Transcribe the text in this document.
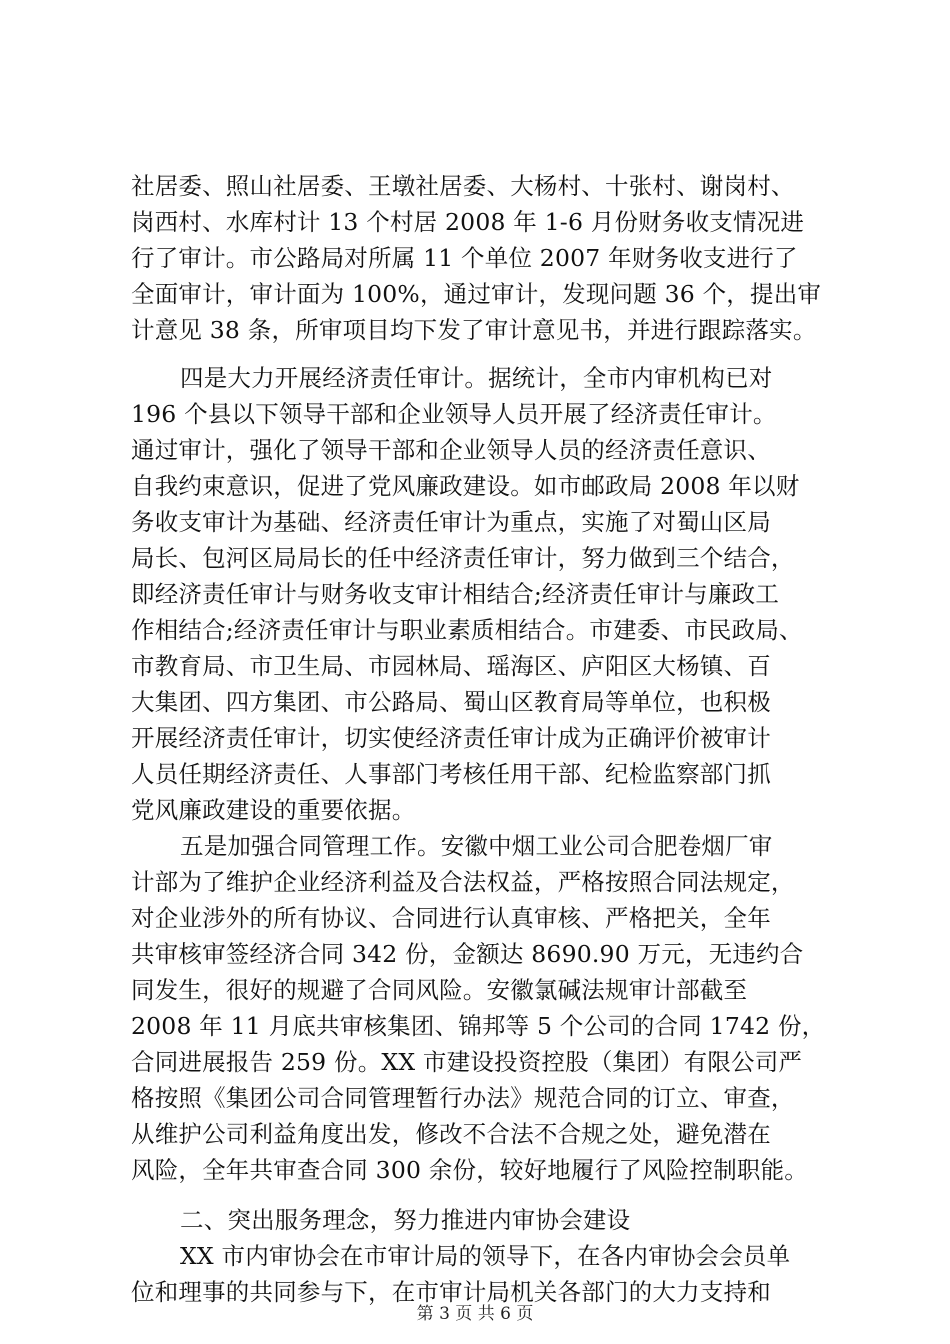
社居委、照山社居委、王墩社居委、大杨村、十张村、谢岗村、
岗西村、水库村计 13 个村居 2008 年 1-6 月份财务收支情况进
行了审计。市公路局对所属 11 个单位 2007 年财务收支进行了
全面审计，审计面为 100%，通过审计，发现问题 36 个，提出审
计意见 38 条，所审项目均下发了审计意见书，并进行跟踪落实。
四是大力开展经济责任审计。据统计，全市内审机构已对
196 个县以下领导干部和企业领导人员开展了经济责任审计。
通过审计，强化了领导干部和企业领导人员的经济责任意识、
自我约束意识，促进了党风廉政建设。如市邮政局 2008 年以财
务收支审计为基础、经济责任审计为重点，实施了对蜀山区局
局长、包河区局局长的任中经济责任审计，努力做到三个结合，
即经济责任审计与财务收支审计相结合;经济责任审计与廉政工
作相结合;经济责任审计与职业素质相结合。市建委、市民政局、
市教育局、市卫生局、市园林局、瑶海区、庐阳区大杨镇、百
大集团、四方集团、市公路局、蜀山区教育局等单位，也积极
开展经济责任审计，切实使经济责任审计成为正确评价被审计
人员任期经济责任、人事部门考核任用干部、纪检监察部门抓
党风廉政建设的重要依据。
五是加强合同管理工作。安徽中烟工业公司合肥卷烟厂审
计部为了维护企业经济利益及合法权益，严格按照合同法规定，
对企业涉外的所有协议、合同进行认真审核、严格把关，全年
共审核审签经济合同 342 份，金额达 8690.90 万元，无违约合
同发生，很好的规避了合同风险。安徽氯碱法规审计部截至
2008 年 11 月底共审核集团、锦邦等 5 个公司的合同 1742 份，
合同进展报告 259 份。XX 市建设投资控股（集团）有限公司严
格按照《集团公司合同管理暂行办法》规范合同的订立、审查，
从维护公司利益角度出发，修改不合法不合规之处，避免潜在
风险，全年共审查合同 300 余份，较好地履行了风险控制职能。
二、突出服务理念，努力推进内审协会建设
第 3 页 共 6 页
XX 市内审协会在市审计局的领导下，在各内审协会会员单
位和理事的共同参与下，在市审计局机关各部门的大力支持和
